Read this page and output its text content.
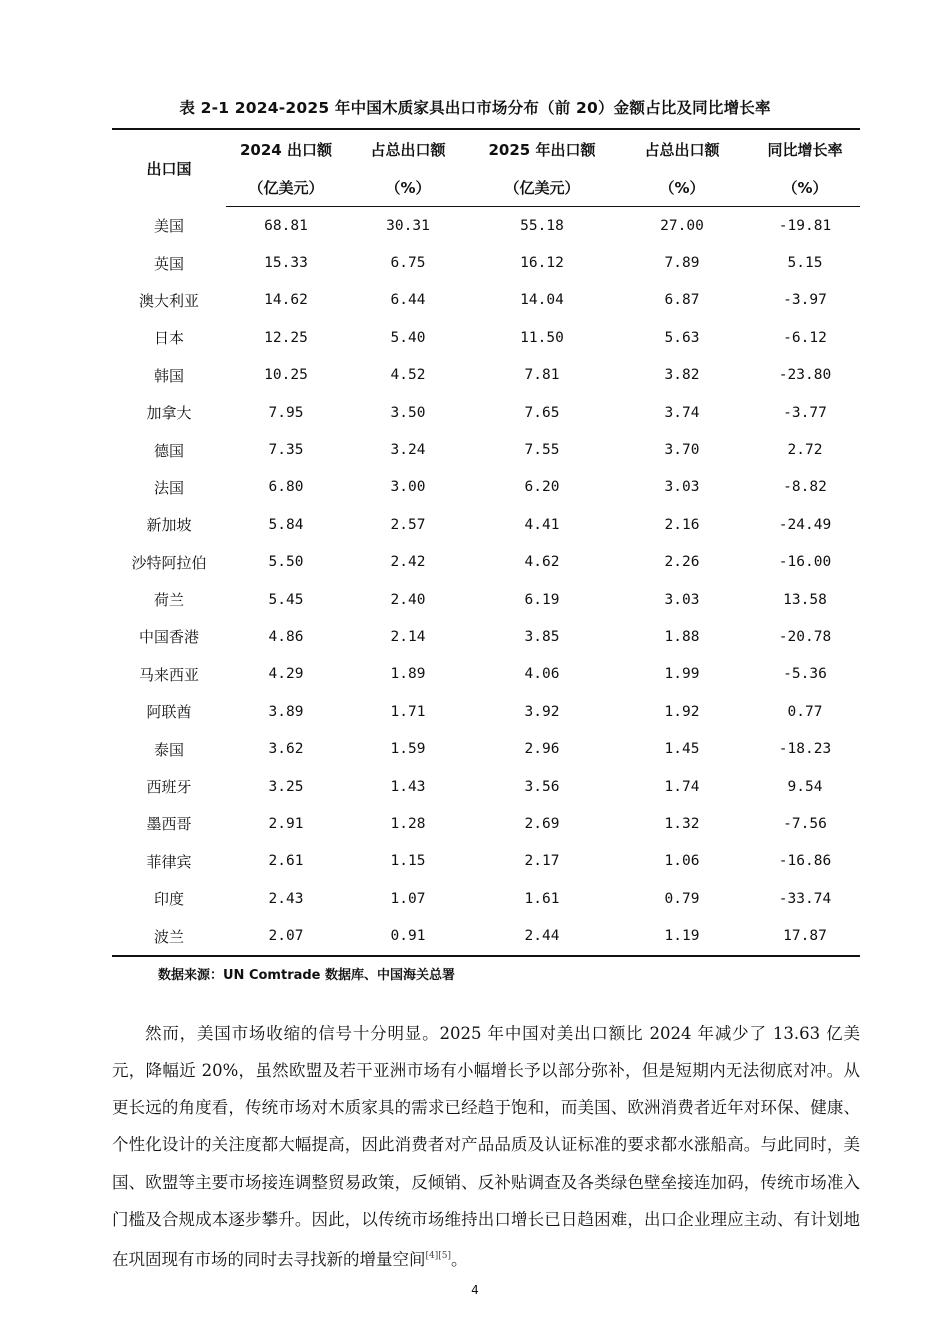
表 2-1 2024-2025 年中国木质家具出口市场分布（前 20）金额占比及同比增长率
出口国	2024 出口额	占总出口额	2025 年出口额	占总出口额	同比增长率
	（亿美元）	（%）	（亿美元）	（%）	（%）
美国	68.81	30.31	55.18	27.00	-19.81
英国	15.33	6.75	16.12	7.89	5.15
澳大利亚	14.62	6.44	14.04	6.87	-3.97
日本	12.25	5.40	11.50	5.63	-6.12
韩国	10.25	4.52	7.81	3.82	-23.80
加拿大	7.95	3.50	7.65	3.74	-3.77
德国	7.35	3.24	7.55	3.70	2.72
法国	6.80	3.00	6.20	3.03	-8.82
新加坡	5.84	2.57	4.41	2.16	-24.49
沙特阿拉伯	5.50	2.42	4.62	2.26	-16.00
荷兰	5.45	2.40	6.19	3.03	13.58
中国香港	4.86	2.14	3.85	1.88	-20.78
马来西亚	4.29	1.89	4.06	1.99	-5.36
阿联酋	3.89	1.71	3.92	1.92	0.77
泰国	3.62	1.59	2.96	1.45	-18.23
西班牙	3.25	1.43	3.56	1.74	9.54
墨西哥	2.91	1.28	2.69	1.32	-7.56
菲律宾	2.61	1.15	2.17	1.06	-16.86
印度	2.43	1.07	1.61	0.79	-33.74
波兰	2.07	0.91	2.44	1.19	17.87
数据来源：UN Comtrade 数据库、中国海关总署

然而，美国市场收缩的信号十分明显。2025 年中国对美出口额比 2024 年减少了 13.63 亿美元，降幅近 20%，虽然欧盟及若干亚洲市场有小幅增长予以部分弥补，但是短期内无法彻底对冲。从更长远的角度看，传统市场对木质家具的需求已经趋于饱和，而美国、欧洲消费者近年对环保、健康、个性化设计的关注度都大幅提高，因此消费者对产品品质及认证标准的要求都水涨船高。与此同时，美国、欧盟等主要市场接连调整贸易政策，反倾销、反补贴调查及各类绿色壁垒接连加码，传统市场准入门槛及合规成本逐步攀升。因此，以传统市场维持出口增长已日趋困难，出口企业理应主动、有计划地在巩固现有市场的同时去寻找新的增量空间[4][5]。

4
